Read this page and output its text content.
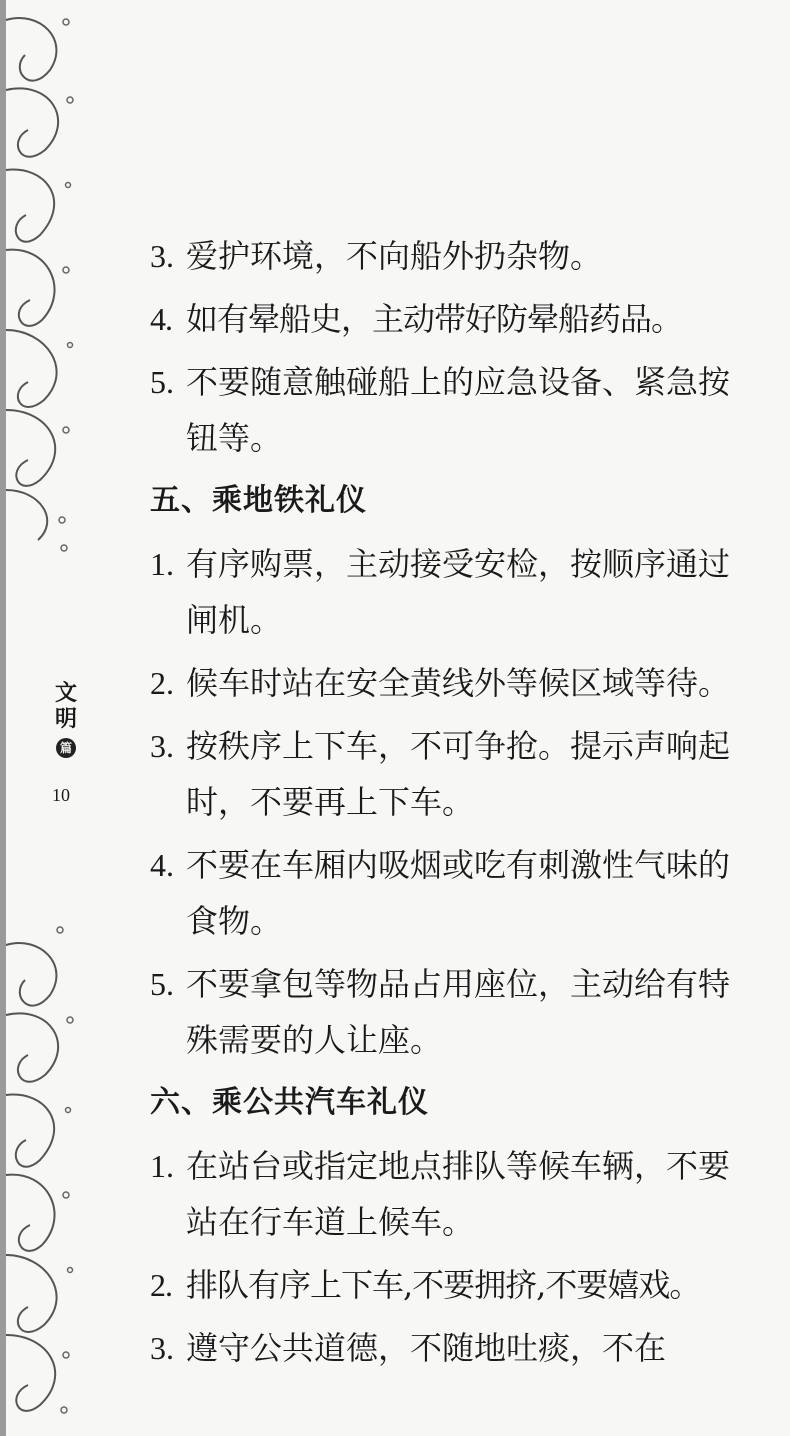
文
明
篇
10
3. 爱护环境，不向船外扔杂物。
4. 如有晕船史，主动带好防晕船药品。
5. 不要随意触碰船上的应急设备、紧急按钮等。
五、乘地铁礼仪
1. 有序购票，主动接受安检，按顺序通过闸机。
2. 候车时站在安全黄线外等候区域等待。
3. 按秩序上下车，不可争抢。提示声响起时，不要再上下车。
4. 不要在车厢内吸烟或吃有刺激性气味的食物。
5. 不要拿包等物品占用座位，主动给有特殊需要的人让座。
六、乘公共汽车礼仪
1. 在站台或指定地点排队等候车辆，不要站在行车道上候车。
2. 排队有序上下车,不要拥挤,不要嬉戏。
3. 遵守公共道德，不随地吐痰，不在
